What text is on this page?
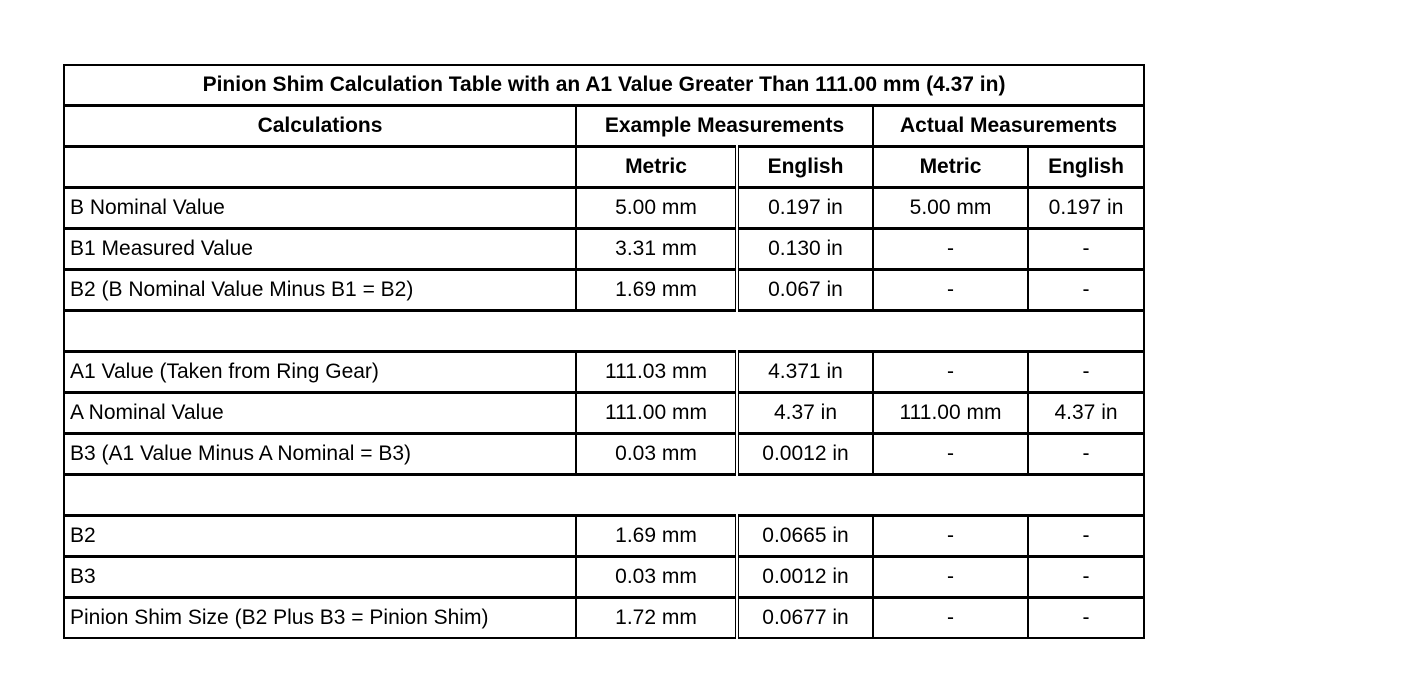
Pinion Shim Calculation Table with an A1 Value Greater Than 111.00 mm (4.37 in)				
Calculations	Example Measurements		Actual Measurements	
	Metric	English	Metric	English
B Nominal Value	5.00 mm	0.197 in	5.00 mm	0.197 in
B1 Measured Value	3.31 mm	0.130 in	-	-
B2 (B Nominal Value Minus B1 = B2)	1.69 mm	0.067 in	-	-

A1 Value (Taken from Ring Gear)	111.03 mm	4.371 in	-	-
A Nominal Value	111.00 mm	4.37 in	111.00 mm	4.37 in
B3 (A1 Value Minus A Nominal = B3)	0.03 mm	0.0012 in	-	-

B2	1.69 mm	0.0665 in	-	-
B3	0.03 mm	0.0012 in	-	-
Pinion Shim Size (B2 Plus B3 = Pinion Shim)	1.72 mm	0.0677 in	-	-
